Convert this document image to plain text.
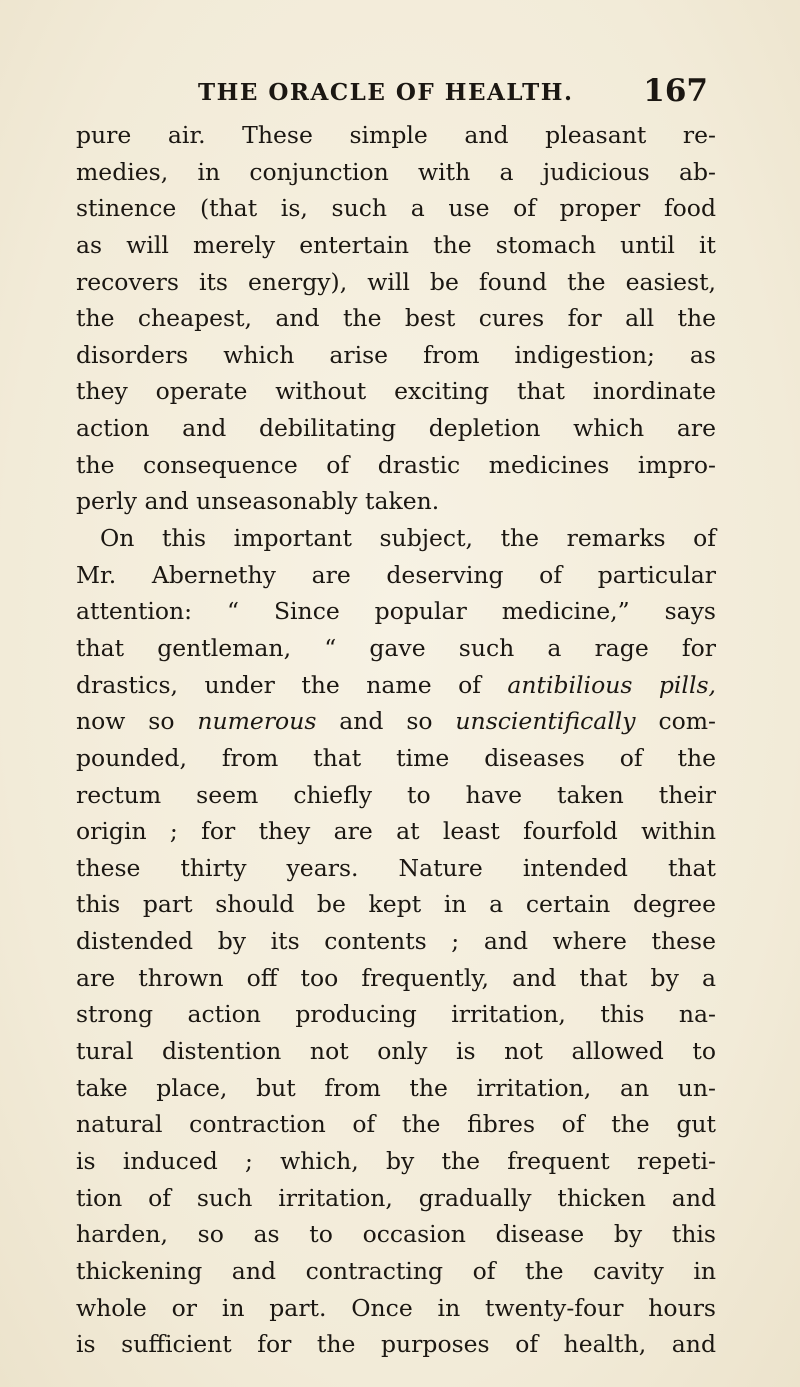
THE ORACLE OF HEALTH. 167
pure air. These simple and pleasant re-
medies, in conjunction with a judicious ab-
stinence (that is, such a use of proper food
as will merely entertain the stomach until it
recovers its energy), will be found the easiest,
the cheapest, and the best cures for all the
disorders which arise from indigestion; as
they operate without exciting that inordinate
action and debilitating depletion which are
the consequence of drastic medicines impro-
perly and unseasonably taken.
On this important subject, the remarks of
Mr. Abernethy are deserving of particular
attention: “ Since popular medicine,” says
that gentleman, “ gave such a rage for
drastics, under the name of antibilious pills,
now so numerous and so unscientifically com-
pounded, from that time diseases of the
rectum seem chiefly to have taken their
origin ; for they are at least fourfold within
these thirty years. Nature intended that
this part should be kept in a certain degree
distended by its contents ; and where these
are thrown off too frequently, and that by a
strong action producing irritation, this na-
tural distention not only is not allowed to
take place, but from the irritation, an un-
natural contraction of the fibres of the gut
is induced ; which, by the frequent repeti-
tion of such irritation, gradually thicken and
harden, so as to occasion disease by this
thickening and contracting of the cavity in
whole or in part. Once in twenty-four hours
is sufficient for the purposes of health, and
